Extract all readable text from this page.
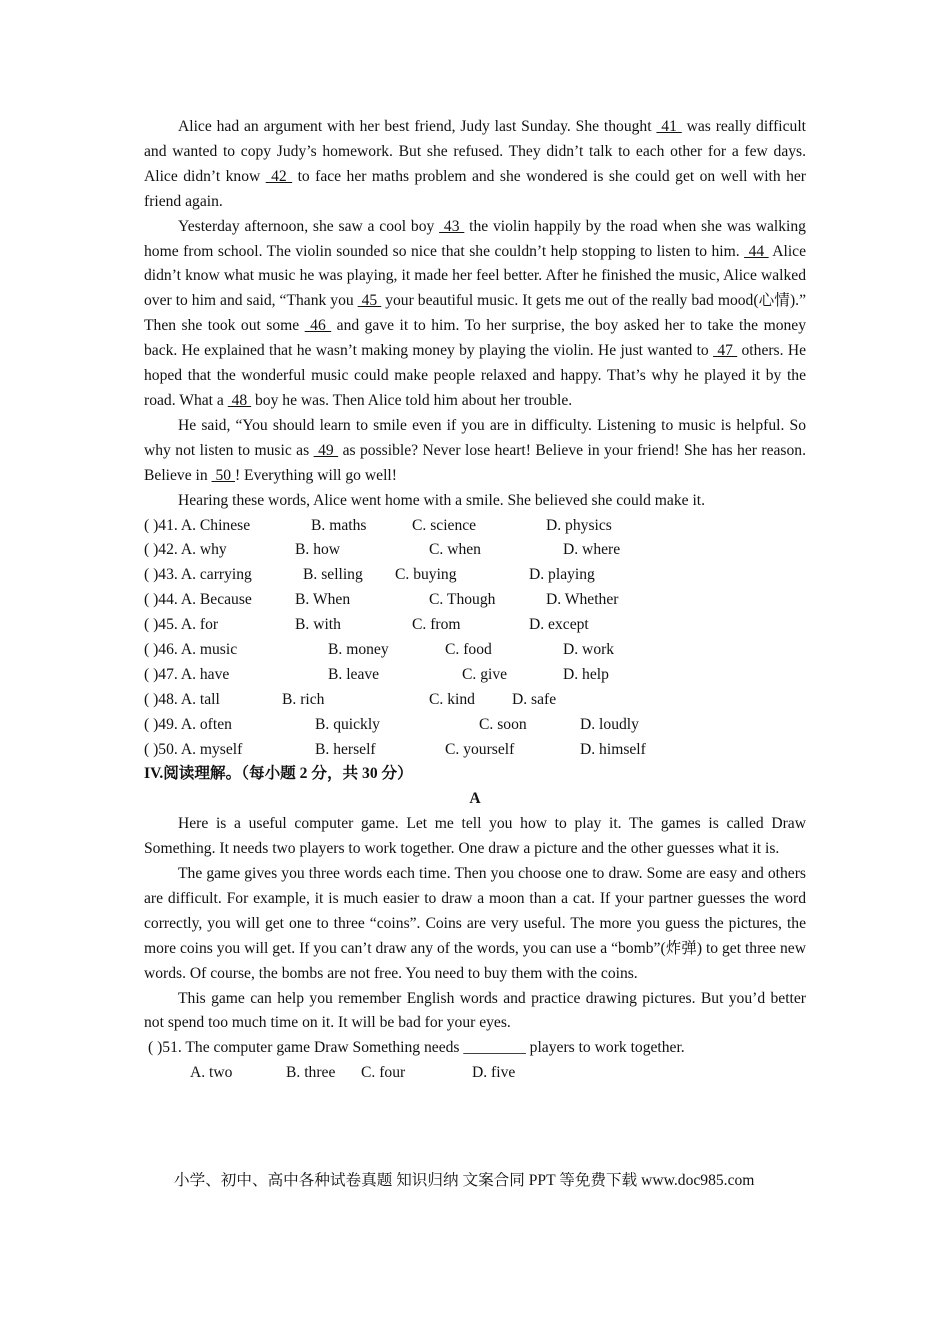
Alice had an argument with her best friend, Judy last Sunday. She thought  41  was really difficult and wanted to copy Judy’s homework. But she refused. They didn’t talk to each other for a few days. Alice didn’t know  42  to face her maths problem and she wondered is she could get on well with her friend again.

Yesterday afternoon, she saw a cool boy  43  the violin happily by the road when she was walking home from school. The violin sounded so nice that she couldn’t help stopping to listen to him.  44  Alice didn’t know what music he was playing, it made her feel better. After he finished the music, Alice walked over to him and said, “Thank you  45  your beautiful music. It gets me out of the really bad mood(心情).” Then she took out some  46  and gave it to him. To her surprise, the boy asked her to take the money back. He explained that he wasn’t making money by playing the violin. He just wanted to  47  others. He hoped that the wonderful music could make people relaxed and happy. That’s why he played it by the road. What a  48  boy he was. Then Alice told him about her trouble.

He said, “You should learn to smile even if you are in difficulty. Listening to music is helpful. So why not listen to music as  49  as possible? Never lose heart! Believe in your friend! She has her reason. Believe in  50 ! Everything will go well!

Hearing these words, Alice went home with a smile. She believed she could make it.

( )41. A. Chinese	B. maths	C. science	D. physics
( )42. A. why	B. how	C. when	D. where
( )43. A. carrying	B. selling C. buying	D. playing
( )44. A. Because	B. When	C. Though	D. Whether
( )45. A. for	B. with	C. from	D. except
( )46. A. music	B. money	C. food	D. work
( )47. A. have	B. leave	C. give	D. help
( )48. A. tall	B. rich	C. kind D. safe
( )49. A. often	B. quickly	C. soon	D. loudly
( )50. A. myself	B. herself	C. yourself	D. himself
IV.阅读理解。（每小题 2 分，共 30 分）
A

Here is a useful computer game. Let me tell you how to play it. The games is called Draw Something. It needs two players to work together. One draw a picture and the other guesses what it is.

The game gives you three words each time. Then you choose one to draw. Some are easy and others are difficult. For example, it is much easier to draw a moon than a cat. If your partner guesses the word correctly, you will get one to three “coins”. Coins are very useful. The more you guess the pictures, the more coins you will get. If you can’t draw any of the words, you can use a “bomb”(炸弹) to get three new words. Of course, the bombs are not free. You need to buy them with the coins.

This game can help you remember English words and practice drawing pictures. But you’d better not spend too much time on it. It will be bad for your eyes.

( )51. The computer game Draw Something needs ________ players to work together.
A. two	B. three C. four	D. five
小学、初中、高中各种试卷真题 知识归纳 文案合同 PPT 等免费下载 www.doc985.com
